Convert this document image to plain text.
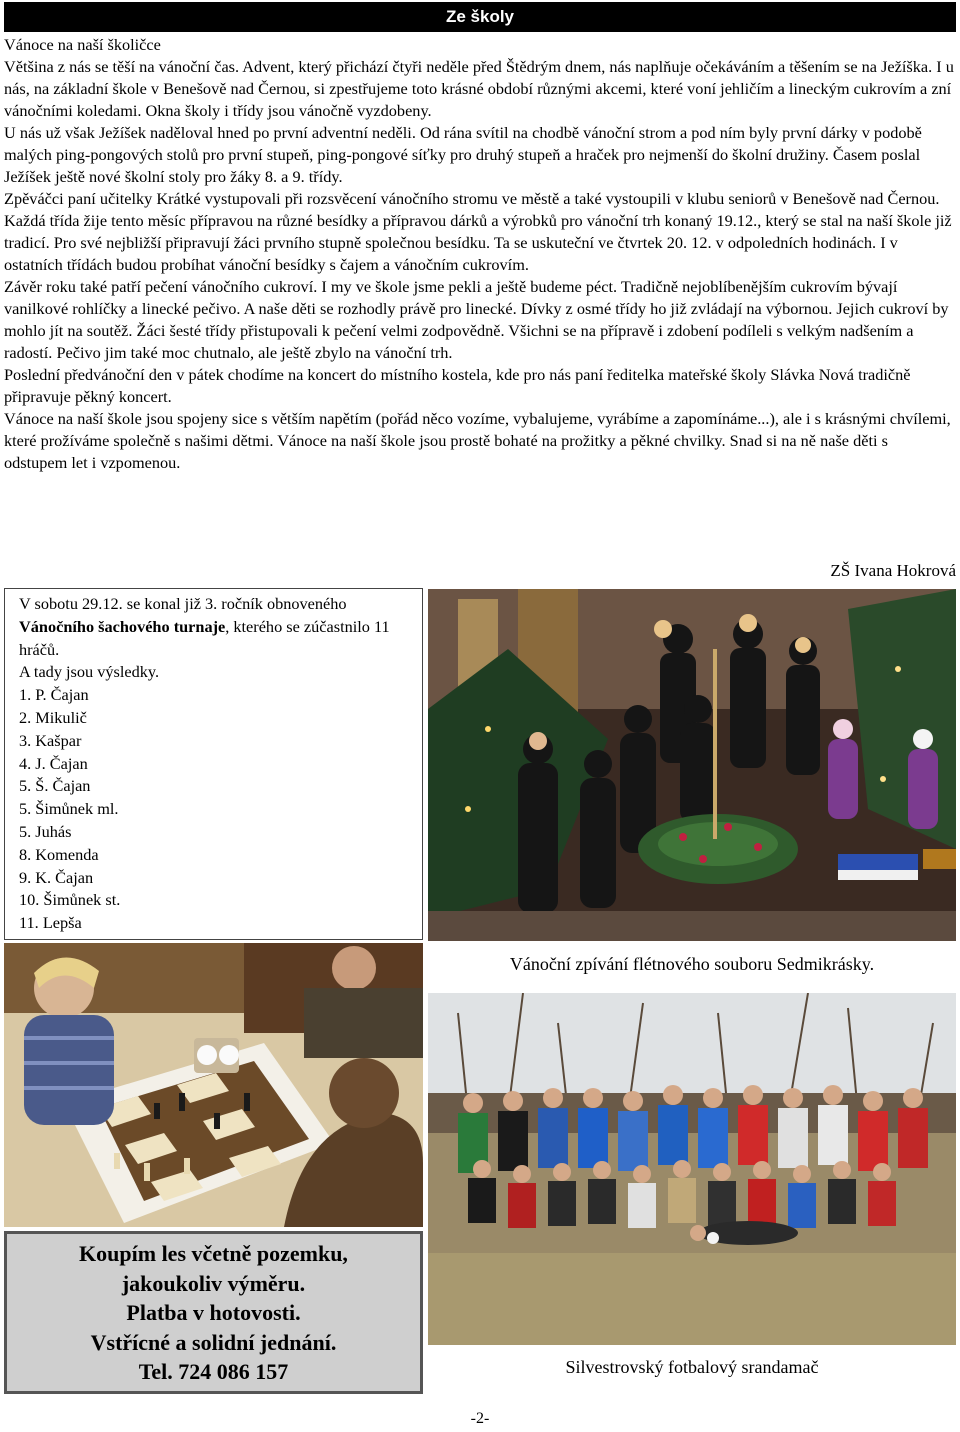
Ze školy

Vánoce na naší školičce

Většina z nás se těší na vánoční čas. Advent, který přichází čtyři neděle před Štědrým dnem, nás naplňuje očekáváním a těšením se na Ježíška. I u nás, na základní škole v Benešově nad Černou, si zpestřujeme toto krásné období různými akcemi, které voní jehličím a lineckým cukrovím a zní vánočními koledami. Okna školy i třídy jsou vánočně vyzdobeny.

U nás už však Ježíšek naděloval hned po první adventní neděli. Od rána svítil na chodbě vánoční strom a pod ním byly první dárky v podobě malých ping-pongových stolů pro první stupeň, ping-pongové síťky pro druhý stupeň a hraček pro nejmenší do školní družiny. Časem poslal Ježíšek ještě nové školní stoly pro žáky 8. a 9. třídy.

Zpěváčci paní učitelky Krátké vystupovali při rozsvěcení vánočního stromu ve městě a také vystoupili v klubu seniorů v Benešově nad Černou. Každá třída žije tento měsíc přípravou na různé besídky a přípravou dárků a výrobků pro vánoční trh konaný 19.12., který se stal na naší škole již tradicí. Pro své nejbližší připravují žáci prvního stupně společnou besídku. Ta se uskuteční ve čtvrtek 20. 12. v odpoledních hodinách. I v ostatních třídách budou probíhat vánoční besídky s čajem a vánočním cukrovím.

Závěr roku také patří pečení vánočního cukroví. I my ve škole jsme pekli a ještě budeme péct. Tradičně nejoblíbenějším cukrovím bývají vanilkové rohlíčky a linecké pečivo. A naše děti se rozhodly právě pro linecké. Dívky z osmé třídy ho již zvládají na výbornou. Jejich cukroví by mohlo jít na soutěž. Žáci šesté třídy přistupovali k pečení velmi zodpovědně. Všichni se na přípravě i zdobení podíleli s velkým nadšením a radostí. Pečivo jim také moc chutnalo, ale ještě zbylo na vánoční trh.

Poslední předvánoční den v pátek chodíme na koncert do místního kostela, kde pro nás paní ředitelka mateřské školy Slávka Nová tradičně připravuje pěkný koncert.

Vánoce na naší škole jsou spojeny sice s větším napětím (pořád něco vozíme, vybalujeme, vyrábíme a zapomínáme...), ale i s krásnými chvílemi, které prožíváme společně s našimi dětmi. Vánoce na naší škole jsou prostě bohaté na prožitky a pěkné chvilky. Snad si na ně naše děti s odstupem let i vzpomenou.

ZŠ Ivana Hokrová
V sobotu 29.12. se konal již 3. ročník obnoveného Vánočního šachového turnaje, kterého se zúčastnilo 11 hráčů.
A tady jsou výsledky.
1. P. Čajan
2. Mikulič
3. Kašpar
4. J. Čajan
5. Š. Čajan
5. Šimůnek ml.
5. Juhás
8. Komenda
9. K. Čajan
10. Šimůnek st.
11. Lepša
Vánoční zpívání flétnového souboru Sedmikrásky.
Silvestrovský fotbalový srandamač
Koupím les včetně pozemku,
jakoukoliv výměru.
Platba v hotovosti.
Vstřícné a solidní jednání.
Tel. 724 086 157
-2-
